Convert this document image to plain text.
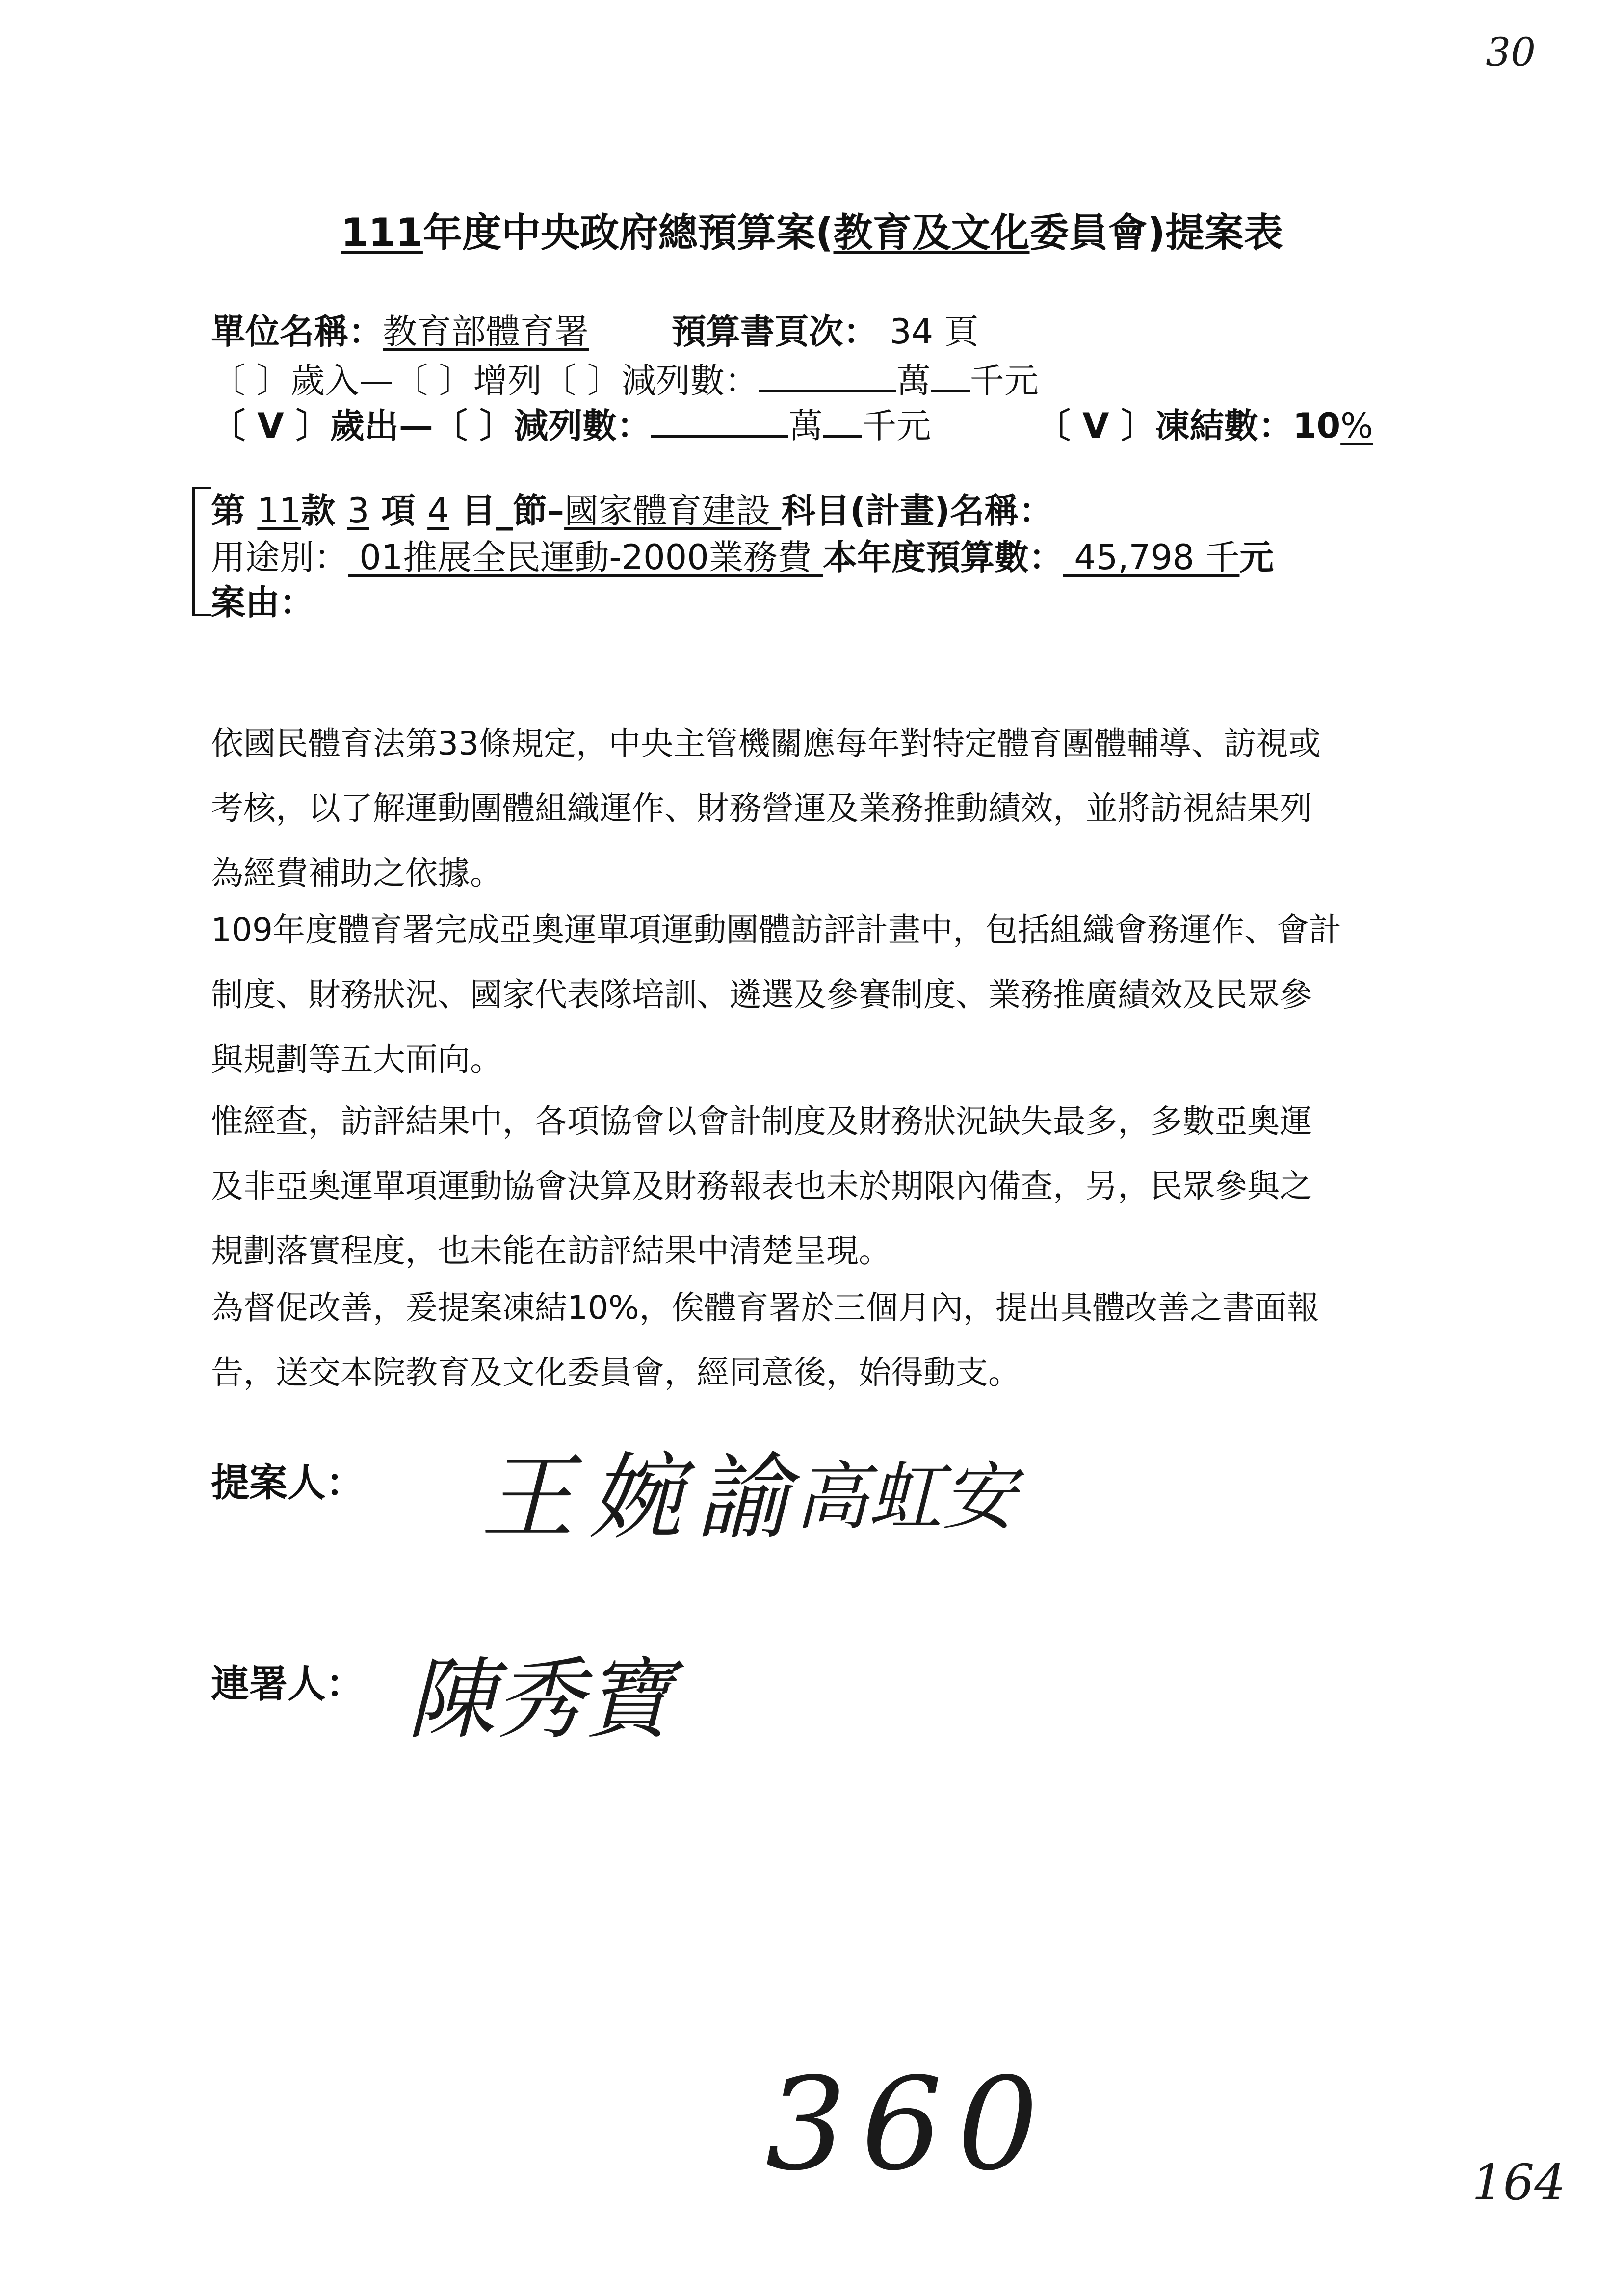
30
111年度中央政府總預算案(教育及文化委員會)提案表
單位名稱：教育部體育署 預算書頁次： 34 頁
〔 〕歲入—〔 〕增列〔 〕減列數：	萬 千元
〔 V 〕歲出—〔 〕減列數：	萬 千元	〔 V 〕凍結數：10%
第 11款 3 項 4 目_節–國家體育建設 科目(計畫)名稱：
用途別： 01推展全民運動-2000業務費 本年度預算數： 45,798 千元
案由：
依國民體育法第33條規定，中央主管機關應每年對特定體育團體輔導、訪視或
考核，以了解運動團體組織運作、財務營運及業務推動績效，並將訪視結果列
為經費補助之依據。
109年度體育署完成亞奧運單項運動團體訪評計畫中，包括組織會務運作、會計
制度、財務狀況、國家代表隊培訓、遴選及參賽制度、業務推廣績效及民眾參
與規劃等五大面向。
惟經查，訪評結果中，各項協會以會計制度及財務狀況缺失最多，多數亞奧運
及非亞奧運單項運動協會決算及財務報表也未於期限內備查，另，民眾參與之
規劃落實程度，也未能在訪評結果中清楚呈現。
為督促改善，爰提案凍結10%，俟體育署於三個月內，提出具體改善之書面報
告，送交本院教育及文化委員會，經同意後，始得動支。
提案人： 王婉諭
高虹安
連署人： 陳秀寶
360	164
